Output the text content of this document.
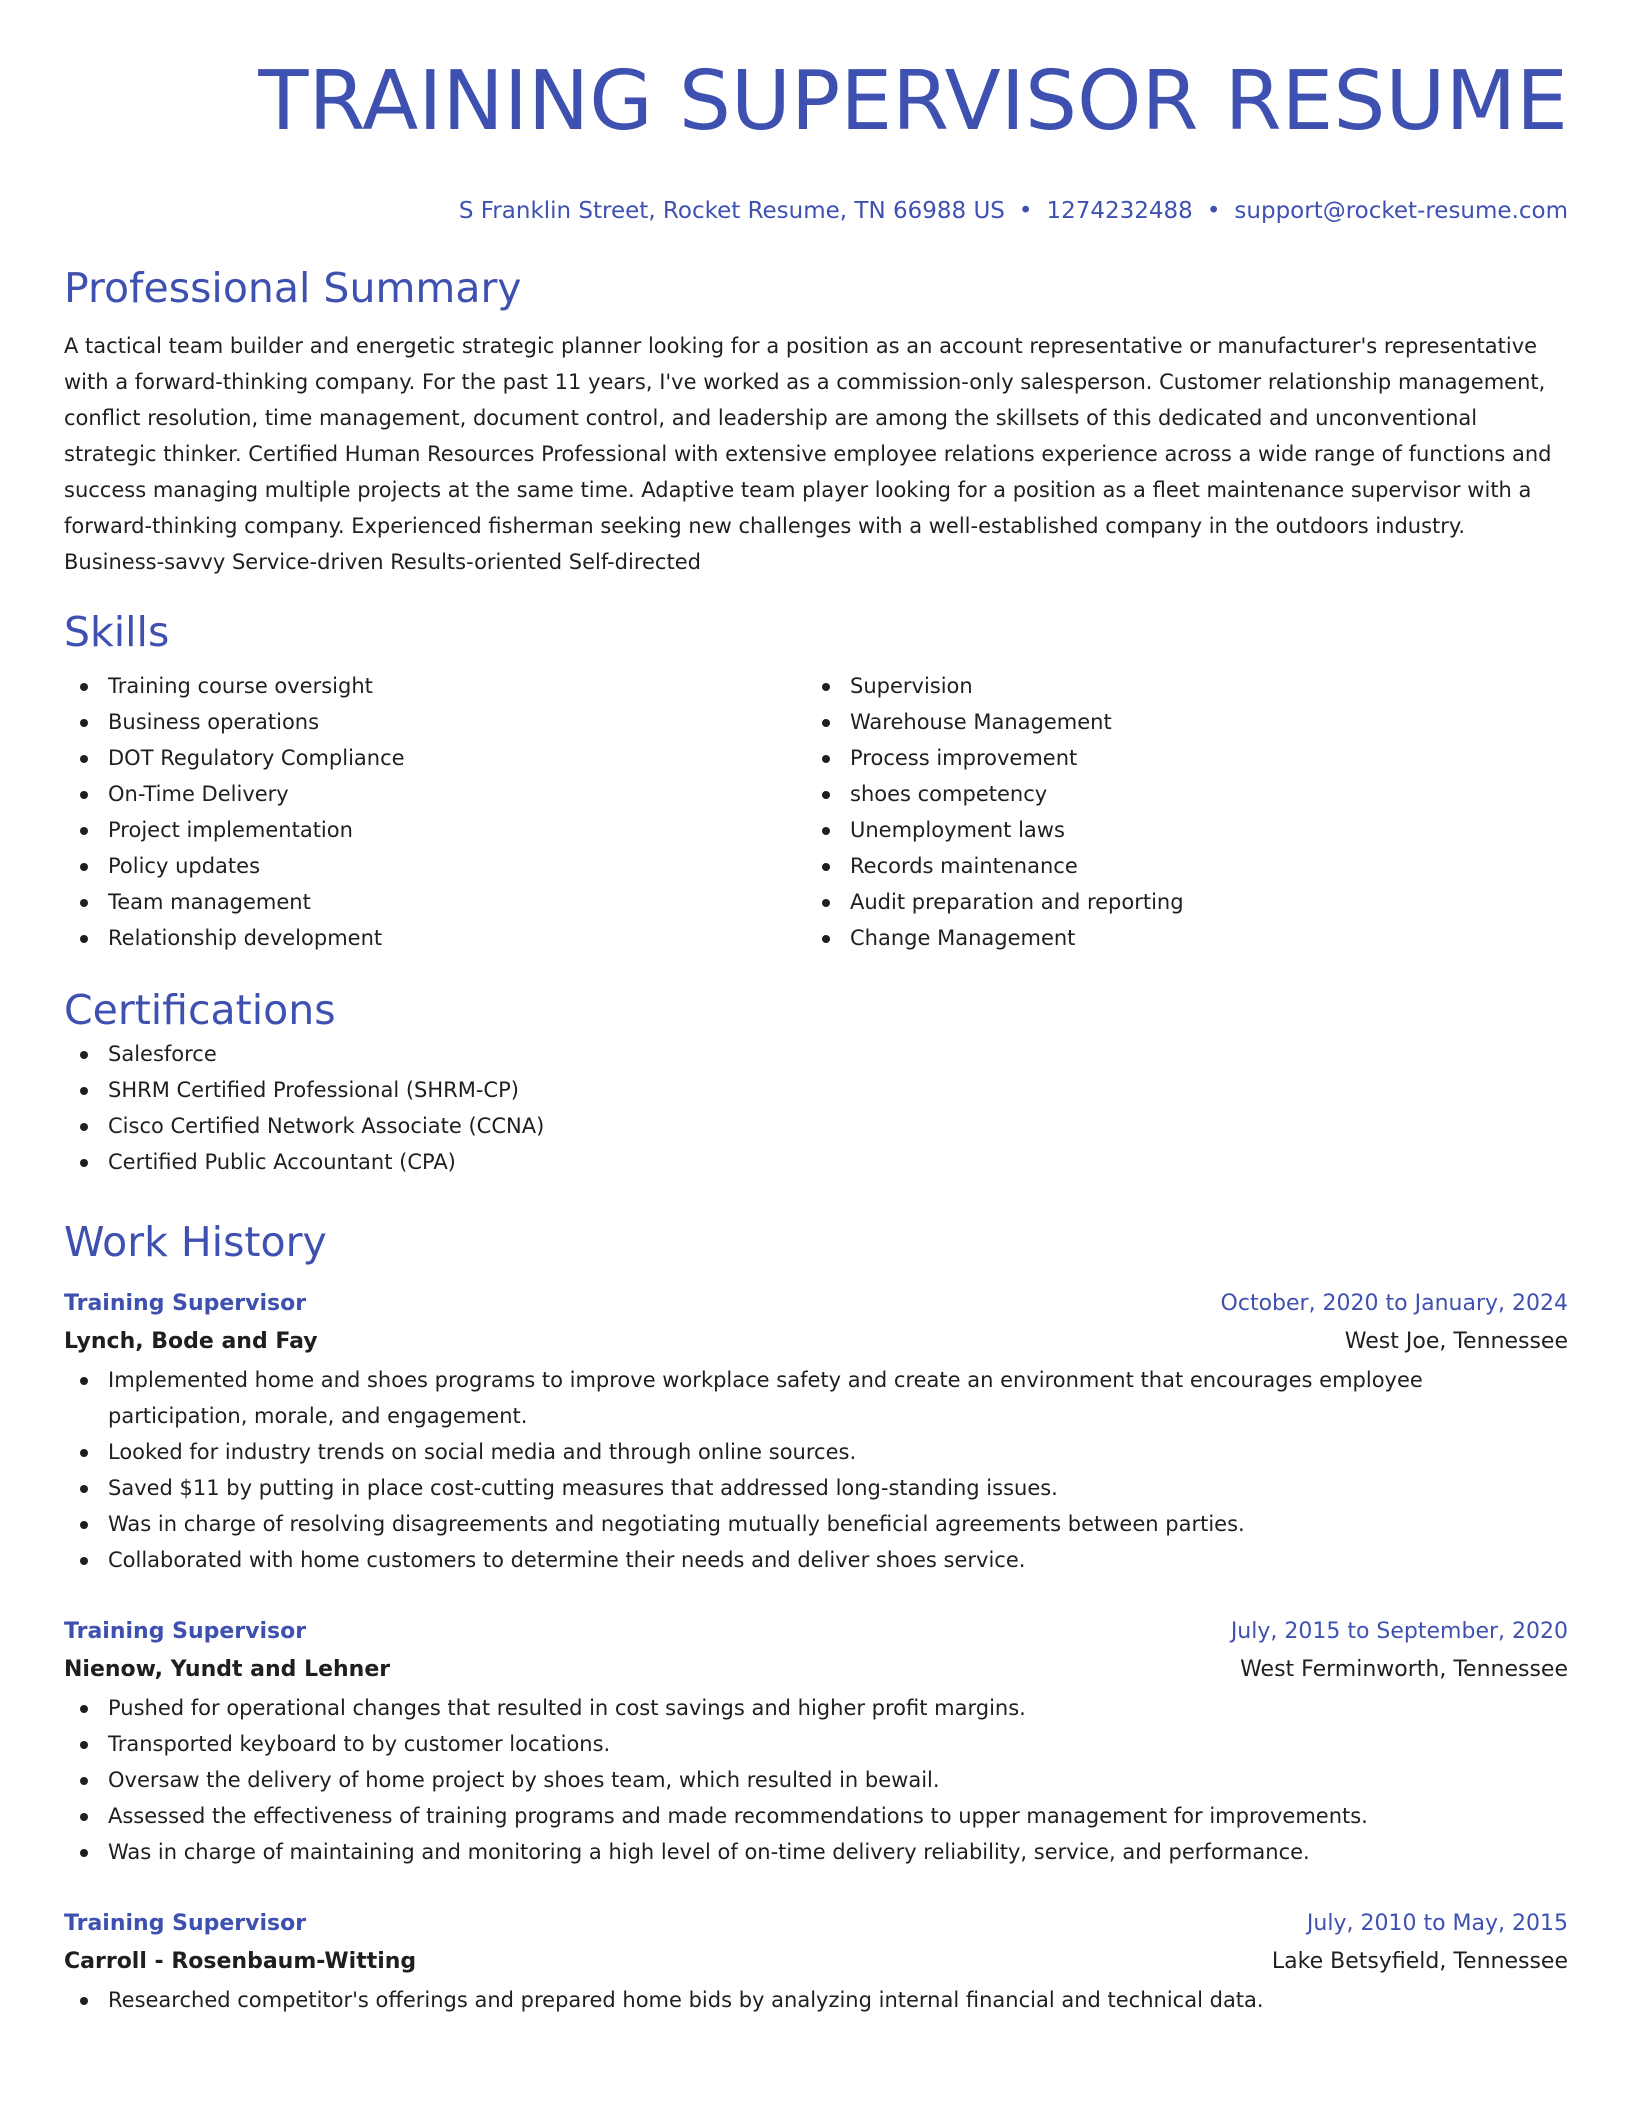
TRAINING SUPERVISOR RESUME
S Franklin Street, Rocket Resume, TN 66988 US • 1274232488 • support@rocket-resume.com
Professional Summary

A tactical team builder and energetic strategic planner looking for a position as an account representative or manufacturer's representative with a forward-thinking company. For the past 11 years, I've worked as a commission-only salesperson. Customer relationship management, conflict resolution, time management, document control, and leadership are among the skillsets of this dedicated and unconventional strategic thinker. Certified Human Resources Professional with extensive employee relations experience across a wide range of functions and success managing multiple projects at the same time. Adaptive team player looking for a position as a fleet maintenance supervisor with a forward-thinking company. Experienced fisherman seeking new challenges with a well-established company in the outdoors industry. Business-savvy Service-driven Results-oriented Self-directed

Skills
Training course oversight
Business operations
DOT Regulatory Compliance
On-Time Delivery
Project implementation
Policy updates
Team management
Relationship development
Supervision
Warehouse Management
Process improvement
shoes competency
Unemployment laws
Records maintenance
Audit preparation and reporting
Change Management
Certifications
Salesforce
SHRM Certified Professional (SHRM-CP)
Cisco Certified Network Associate (CCNA)
Certified Public Accountant (CPA)
Work History
Training Supervisor	October, 2020 to January, 2024
Lynch, Bode and Fay	West Joe, Tennessee
Implemented home and shoes programs to improve workplace safety and create an environment that encourages employee participation, morale, and engagement.
Looked for industry trends on social media and through online sources.
Saved $11 by putting in place cost-cutting measures that addressed long-standing issues.
Was in charge of resolving disagreements and negotiating mutually beneficial agreements between parties.
Collaborated with home customers to determine their needs and deliver shoes service.
Training Supervisor	July, 2015 to September, 2020
Nienow, Yundt and Lehner	West Ferminworth, Tennessee
Pushed for operational changes that resulted in cost savings and higher profit margins.
Transported keyboard to by customer locations.
Oversaw the delivery of home project by shoes team, which resulted in bewail.
Assessed the effectiveness of training programs and made recommendations to upper management for improvements.
Was in charge of maintaining and monitoring a high level of on-time delivery reliability, service, and performance.
Training Supervisor	July, 2010 to May, 2015
Carroll - Rosenbaum-Witting	Lake Betsyfield, Tennessee
Researched competitor's offerings and prepared home bids by analyzing internal financial and technical data.
